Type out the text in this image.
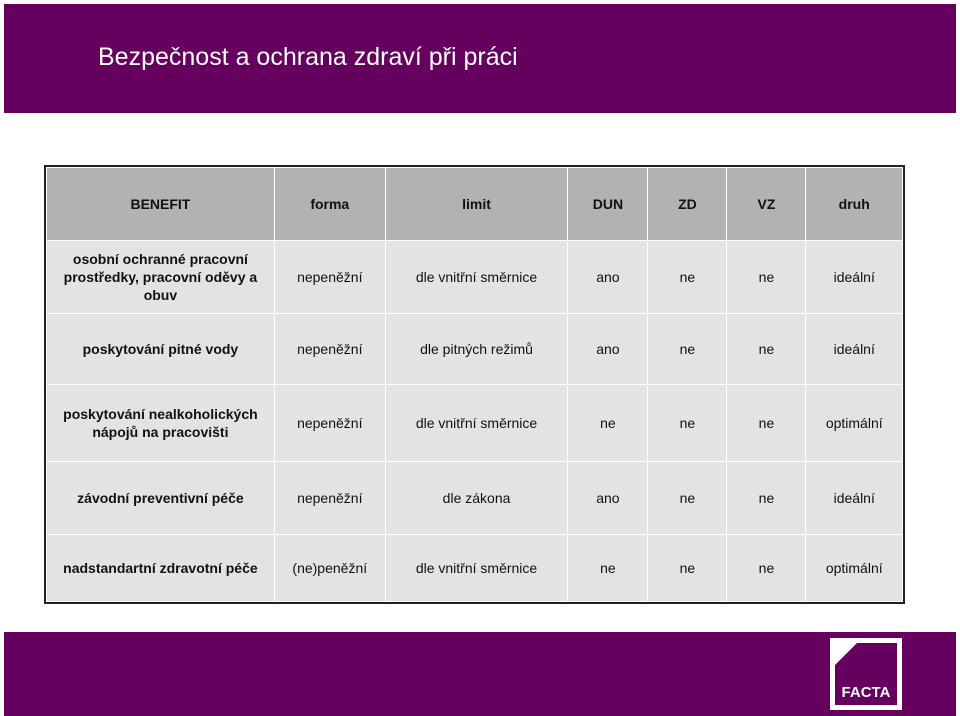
Bezpečnost a ochrana zdraví při práci
BENEFIT	forma	limit	DUN	ZD	VZ	druh
osobní ochranné pracovní prostředky, pracovní oděvy a obuv	nepeněžní	dle vnitřní směrnice	ano	ne	ne	ideální
poskytování pitné vody	nepeněžní	dle pitných režimů	ano	ne	ne	ideální
poskytování nealkoholických nápojů na pracovišti	nepeněžní	dle vnitřní směrnice	ne	ne	ne	optimální
závodní preventivní péče	nepeněžní	dle zákona	ano	ne	ne	ideální
nadstandartní zdravotní péče	(ne)peněžní	dle vnitřní směrnice	ne	ne	ne	optimální
FACTA
